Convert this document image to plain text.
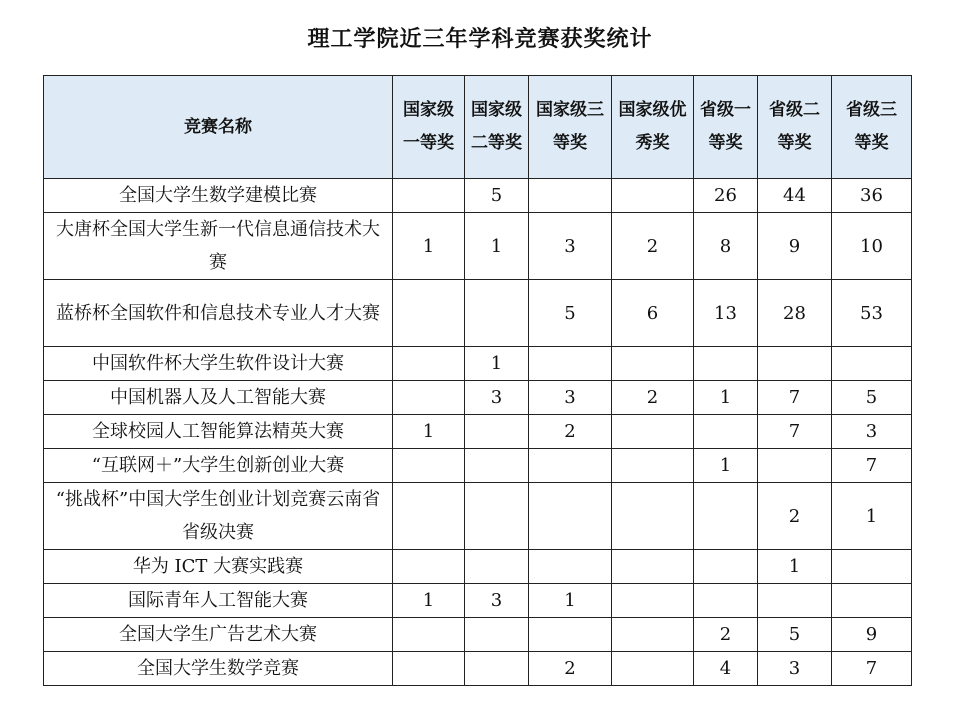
理工学院近三年学科竞赛获奖统计
竞赛名称	国家级一等奖	国家级二等奖	国家级三等奖	国家级优秀奖	省级一等奖	省级二等奖	省级三等奖
全国大学生数学建模比赛		5			26	44	36
大唐杯全国大学生新一代信息通信技术大赛	1	1	3	2	8	9	10
蓝桥杯全国软件和信息技术专业人才大赛			5	6	13	28	53
中国软件杯大学生软件设计大赛		1					
中国机器人及人工智能大赛		3	3	2	1	7	5
全球校园人工智能算法精英大赛	1		2			7	3
“互联网＋”大学生创新创业大赛					1		7
“挑战杯”中国大学生创业计划竞赛云南省省级决赛						2	1
华为 ICT 大赛实践赛						1	
国际青年人工智能大赛	1	3	1				
全国大学生广告艺术大赛					2	5	9
全国大学生数学竞赛			2		4	3	7
